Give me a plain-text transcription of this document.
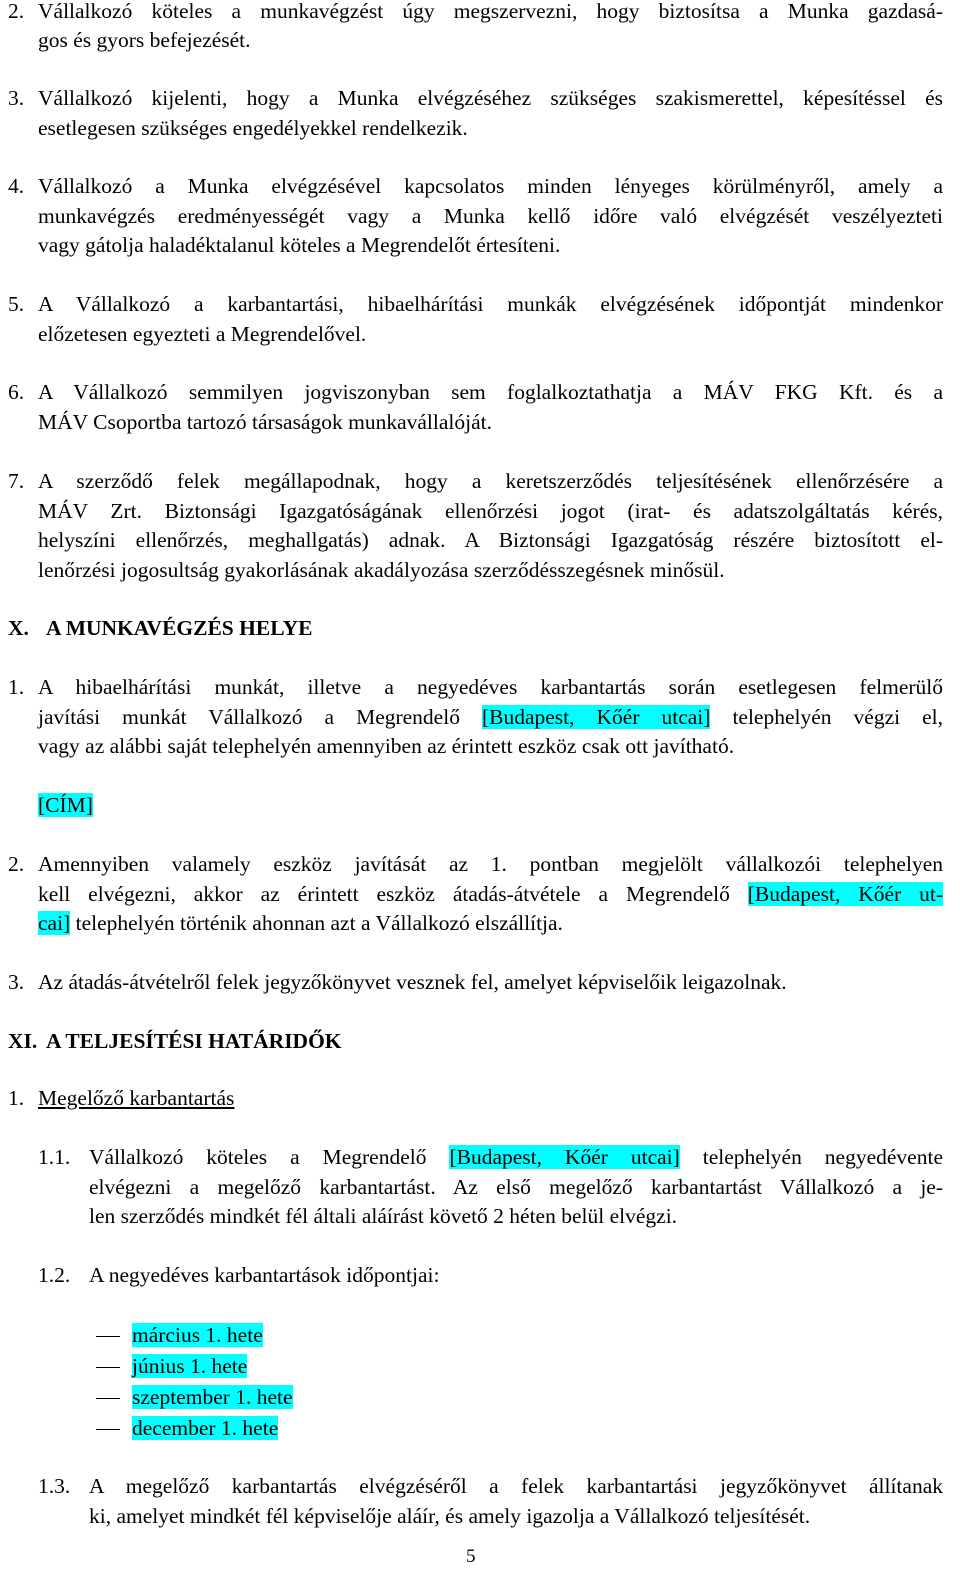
2. Vállalkozó köteles a munkavégzést úgy megszervezni, hogy biztosítsa a Munka gazdasá-
gos és gyors befejezését.
3. Vállalkozó kijelenti, hogy a Munka elvégzéséhez szükséges szakismerettel, képesítéssel és
esetlegesen szükséges engedélyekkel rendelkezik.
4. Vállalkozó a Munka elvégzésével kapcsolatos minden lényeges körülményről, amely a
munkavégzés eredményességét vagy a Munka kellő időre való elvégzését veszélyezteti
vagy gátolja haladéktalanul köteles a Megrendelőt értesíteni.
5. A Vállalkozó a karbantartási, hibaelhárítási munkák elvégzésének időpontját mindenkor
előzetesen egyezteti a Megrendelővel.
6. A Vállalkozó semmilyen jogviszonyban sem foglalkoztathatja a MÁV FKG Kft. és a
MÁV Csoportba tartozó társaságok munkavállalóját.
7. A szerződő felek megállapodnak, hogy a keretszerződés teljesítésének ellenőrzésére a
MÁV Zrt. Biztonsági Igazgatóságának ellenőrzési jogot (irat- és adatszolgáltatás kérés,
helyszíni ellenőrzés, meghallgatás) adnak. A Biztonsági Igazgatóság részére biztosított el-
lenőrzési jogosultság gyakorlásának akadályozása szerződésszegésnek minősül.
X. A MUNKAVÉGZÉS HELYE
1. A hibaelhárítási munkát, illetve a negyedéves karbantartás során esetlegesen felmerülő
javítási munkát Vállalkozó a Megrendelő [Budapest, Kőér utcai] telephelyén végzi el,
vagy az alábbi saját telephelyén amennyiben az érintett eszköz csak ott javítható.
[CÍM]
2. Amennyiben valamely eszköz javítását az 1. pontban megjelölt vállalkozói telephelyen
kell elvégezni, akkor az érintett eszköz átadás-átvétele a Megrendelő [Budapest, Kőér ut-
cai] telephelyén történik ahonnan azt a Vállalkozó elszállítja.
3. Az átadás-átvételről felek jegyzőkönyvet vesznek fel, amelyet képviselőik leigazolnak.
XI. A TELJESÍTÉSI HATÁRIDŐK
1. Megelőző karbantartás
1.1. Vállalkozó köteles a Megrendelő [Budapest, Kőér utcai] telephelyén negyedévente
elvégezni a megelőző karbantartást. Az első megelőző karbantartást Vállalkozó a je-
len szerződés mindkét fél általi aláírást követő 2 héten belül elvégzi.
1.2. A negyedéves karbantartások időpontjai:
március 1. hete
június 1. hete
szeptember 1. hete
december 1. hete
1.3. A megelőző karbantartás elvégzéséről a felek karbantartási jegyzőkönyvet állítanak
ki, amelyet mindkét fél képviselője aláír, és amely igazolja a Vállalkozó teljesítését.
5
